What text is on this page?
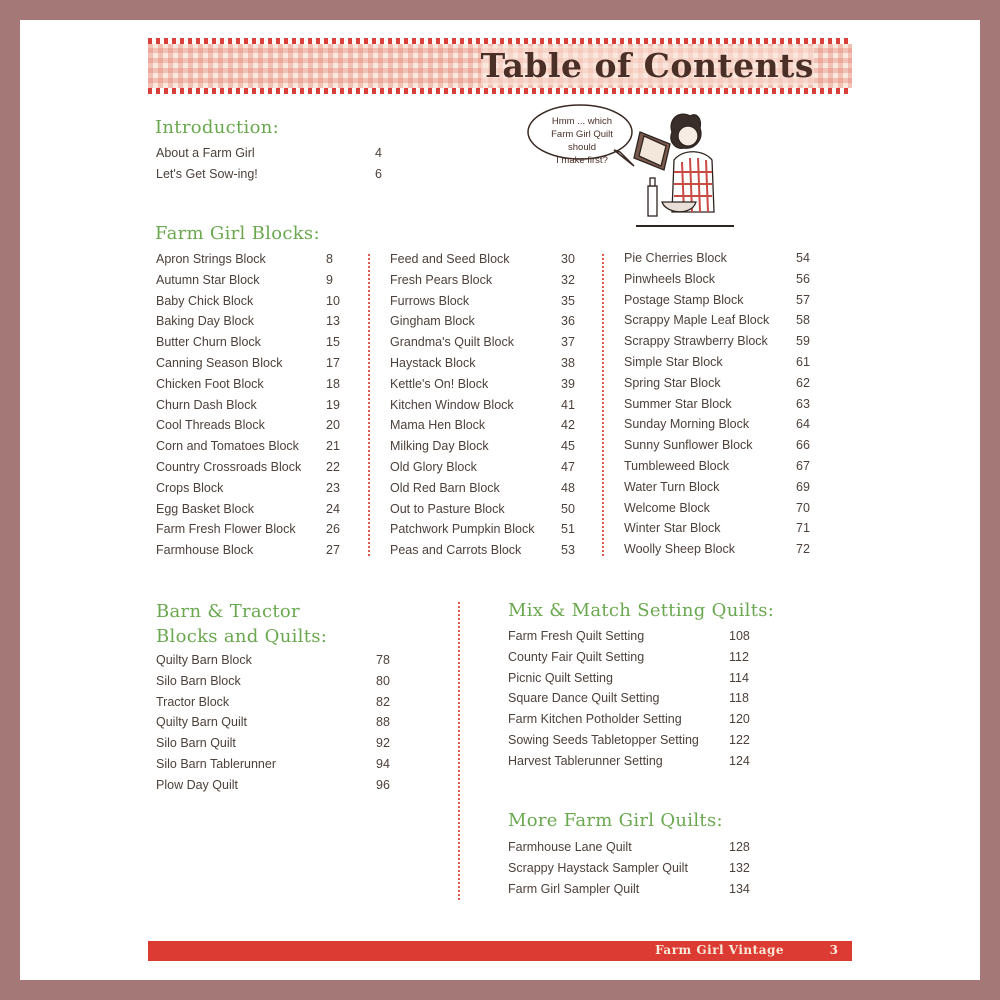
Table of Contents
Hmm ... which
Farm Girl Quilt should
I make first?
Introduction:
About a Farm Girl	4
Let's Get Sow-ing!	6
Farm Girl Blocks:
Apron Strings Block	8
Autumn Star Block	9
Baby Chick Block	10
Baking Day Block	13
Butter Churn Block	15
Canning Season Block	17
Chicken Foot Block	18
Churn Dash Block	19
Cool Threads Block	20
Corn and Tomatoes Block 21
Country Crossroads Block 22
Crops Block	23
Egg Basket Block	24
Farm Fresh Flower Block 26
Farmhouse Block	27
Feed and Seed Block	30
Fresh Pears Block	32
Furrows Block	35
Gingham Block	36
Grandma's Quilt Block	37
Haystack Block	38
Kettle's On! Block	39
Kitchen Window Block	41
Mama Hen Block	42
Milking Day Block	45
Old Glory Block	47
Old Red Barn Block	48
Out to Pasture Block	50
Patchwork Pumpkin Block 51
Peas and Carrots Block	53
Pie Cherries Block	54
Pinwheels Block	56
Postage Stamp Block	57
Scrappy Maple Leaf Block 58
Scrappy Strawberry Block 59
Simple Star Block	61
Spring Star Block	62
Summer Star Block	63
Sunday Morning Block	64
Sunny Sunflower Block	66
Tumbleweed Block	67
Water Turn Block	69
Welcome Block	70
Winter Star Block	71
Woolly Sheep Block	72
Barn & Tractor
Blocks and Quilts:
Quilty Barn Block	78
Silo Barn Block	80
Tractor Block	82
Quilty Barn Quilt	88
Silo Barn Quilt	92
Silo Barn Tablerunner	94
Plow Day Quilt	96
Mix & Match Setting Quilts:
Farm Fresh Quilt Setting	108
County Fair Quilt Setting	112
Picnic Quilt Setting	114
Square Dance Quilt Setting	118
Farm Kitchen Potholder Setting	120
Sowing Seeds Tabletopper Setting 122
Harvest Tablerunner Setting	124
More Farm Girl Quilts:
Farmhouse Lane Quilt	128
Scrappy Haystack Sampler Quilt	132
Farm Girl Sampler Quilt	134
Farm Girl Vintage	3
